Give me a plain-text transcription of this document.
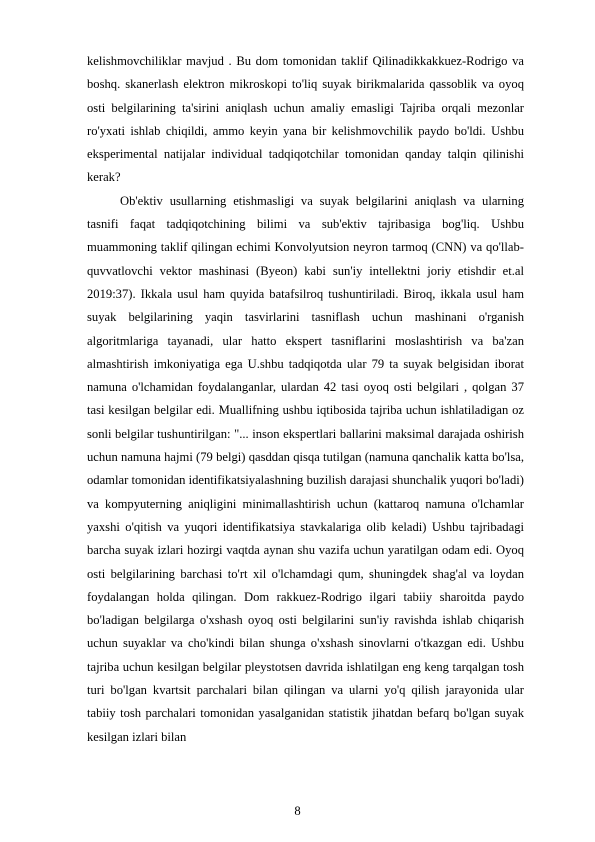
kelishmovchiliklar mavjud . Bu dom tomonidan taklif Qilinadikkakkuez-Rodrigo va boshq. skanerlash elektron mikroskopi to'liq suyak birikmalarida qassoblik va oyoq osti belgilarining ta'sirini aniqlash uchun amaliy emasligi Tajriba orqali mezonlar ro'yxati ishlab chiqildi, ammo keyin yana bir kelishmovchilik paydo bo'ldi. Ushbu eksperimental natijalar individual tadqiqotchilar tomonidan qanday talqin qilinishi kerak?

Ob'ektiv usullarning etishmasligi va suyak belgilarini aniqlash va ularning tasnifi faqat tadqiqotchining bilimi va sub'ektiv tajribasiga bog'liq. Ushbu muammoning taklif qilingan echimi Konvolyutsion neyron tarmoq (CNN) va qo'llab-quvvatlovchi vektor mashinasi (Byeon) kabi sun'iy intellektni joriy etishdir et.al 2019:37). Ikkala usul ham quyida batafsilroq tushuntiriladi. Biroq, ikkala usul ham suyak belgilarining yaqin tasvirlarini tasniflash uchun mashinani o'rganish algoritmlariga tayanadi, ular hatto ekspert tasniflarini moslashtirish va ba'zan almashtirish imkoniyatiga ega U.shbu tadqiqotda ular 79 ta suyak belgisidan iborat namuna o'lchamidan foydalanganlar, ulardan 42 tasi oyoq osti belgilari , qolgan 37 tasi kesilgan belgilar edi. Muallifning ushbu iqtibosida tajriba uchun ishlatiladigan oz sonli belgilar tushuntirilgan: "... inson ekspertlari ballarini maksimal darajada oshirish uchun namuna hajmi (79 belgi) qasddan qisqa tutilgan (namuna qanchalik katta bo'lsa, odamlar tomonidan identifikatsiyalashning buzilish darajasi shunchalik yuqori bo'ladi) va kompyuterning aniqligini minimallashtirish uchun (kattaroq namuna o'lchamlar yaxshi o'qitish va yuqori identifikatsiya stavkalariga olib keladi) Ushbu tajribadagi barcha suyak izlari hozirgi vaqtda aynan shu vazifa uchun yaratilgan odam edi. Oyoq osti belgilarining barchasi to'rt xil o'lchamdagi qum, shuningdek shag'al va loydan foydalangan holda qilingan. Dom rakkuez-Rodrigo ilgari tabiiy sharoitda paydo bo'ladigan belgilarga o'xshash oyoq osti belgilarini sun'iy ravishda ishlab chiqarish uchun suyaklar va cho'kindi bilan shunga o'xshash sinovlarni o'tkazgan edi. Ushbu tajriba uchun kesilgan belgilar pleystotsen davrida ishlatilgan eng keng tarqalgan tosh turi bo'lgan kvartsit parchalari bilan qilingan va ularni yo'q qilish jarayonida ular tabiiy tosh parchalari tomonidan yasalganidan statistik jihatdan befarq bo'lgan suyak kesilgan izlari bilan

8
